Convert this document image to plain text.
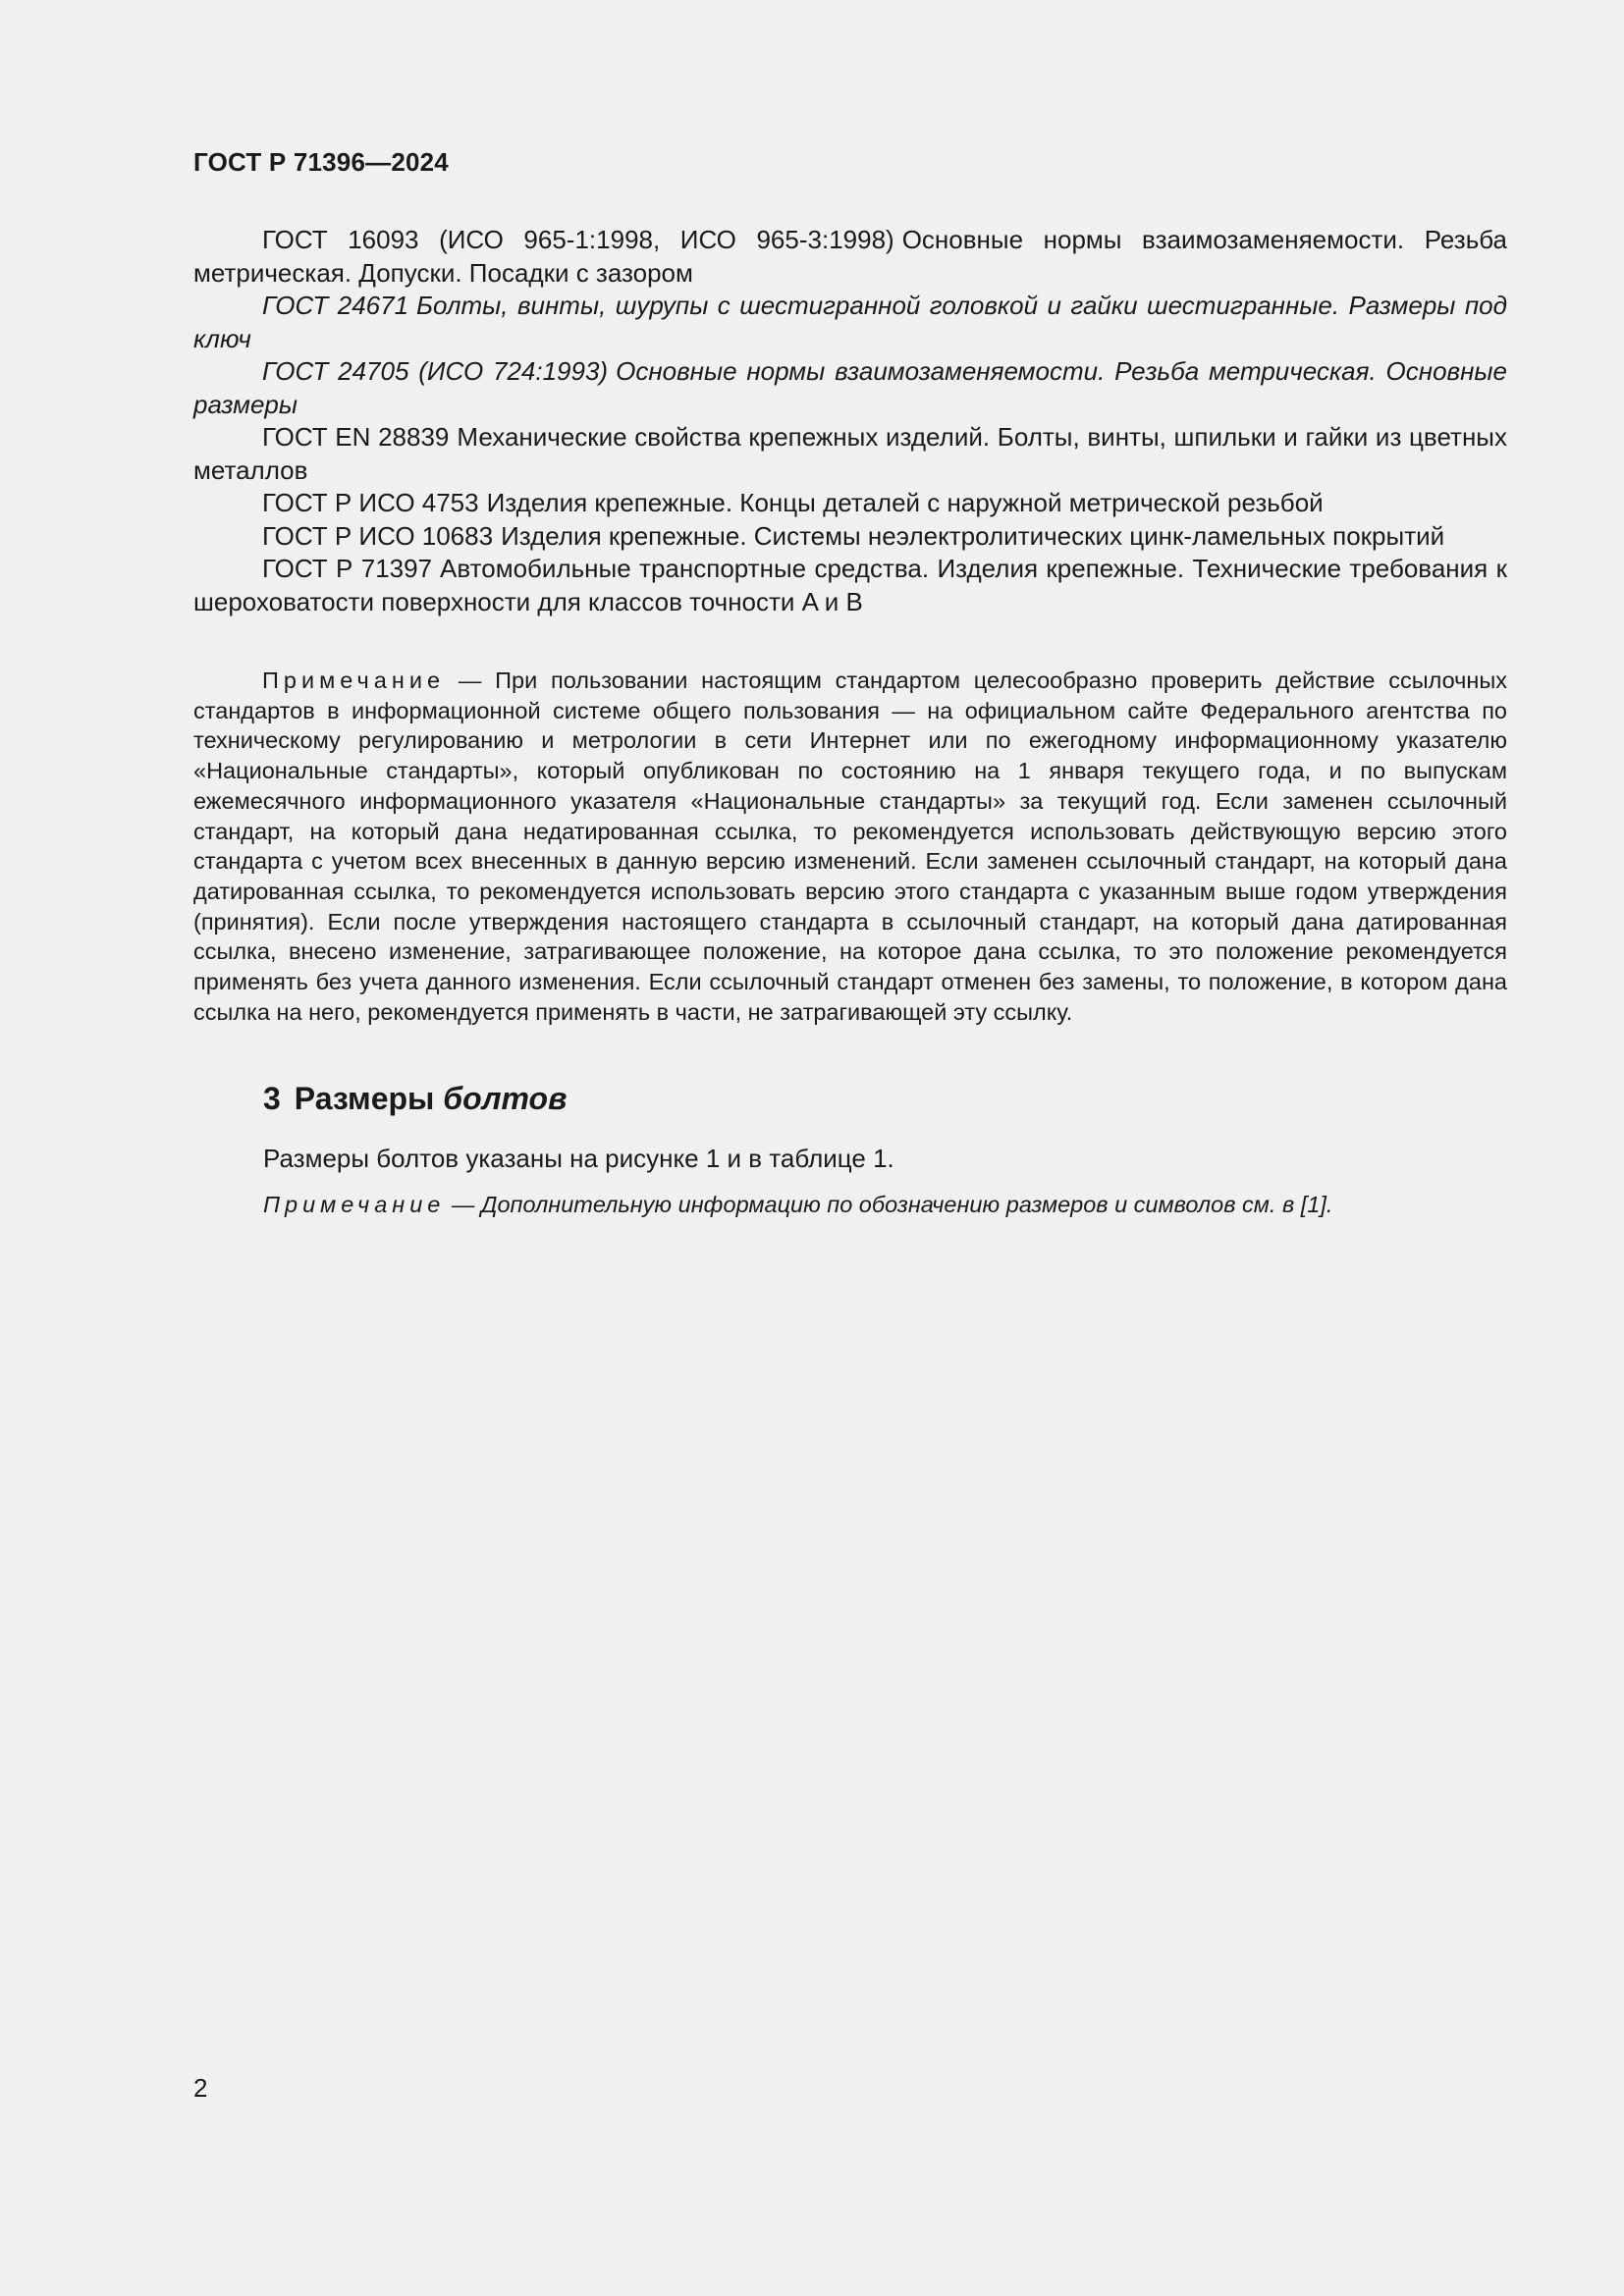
ГОСТ Р 71396—2024

ГОСТ 16093 (ИСО 965-1:1998, ИСО 965-3:1998) Основные нормы взаимозаменяемости. Резьба метрическая. Допуски. Посадки с зазором

ГОСТ 24671 Болты, винты, шурупы с шестигранной головкой и гайки шестигранные. Размеры под ключ

ГОСТ 24705 (ИСО 724:1993) Основные нормы взаимозаменяемости. Резьба метрическая. Основные размеры

ГОСТ EN 28839 Механические свойства крепежных изделий. Болты, винты, шпильки и гайки из цветных металлов

ГОСТ Р ИСО 4753 Изделия крепежные. Концы деталей с наружной метрической резьбой

ГОСТ Р ИСО 10683 Изделия крепежные. Системы неэлектролитических цинк-ламельных покрытий

ГОСТ Р 71397 Автомобильные транспортные средства. Изделия крепежные. Технические требования к шероховатости поверхности для классов точности A и B

Примечание — При пользовании настоящим стандартом целесообразно проверить действие ссылочных стандартов в информационной системе общего пользования — на официальном сайте Федерального агентства по техническому регулированию и метрологии в сети Интернет или по ежегодному информационному указателю «Национальные стандарты», который опубликован по состоянию на 1 января текущего года, и по выпускам ежемесячного информационного указателя «Национальные стандарты» за текущий год. Если заменен ссылочный стандарт, на который дана недатированная ссылка, то рекомендуется использовать действующую версию этого стандарта с учетом всех внесенных в данную версию изменений. Если заменен ссылочный стандарт, на который дана датированная ссылка, то рекомендуется использовать версию этого стандарта с указанным выше годом утверждения (принятия). Если после утверждения настоящего стандарта в ссылочный стандарт, на который дана датированная ссылка, внесено изменение, затрагивающее положение, на которое дана ссылка, то это положение рекомендуется применять без учета данного изменения. Если ссылочный стандарт отменен без замены, то положение, в котором дана ссылка на него, рекомендуется применять в части, не затрагивающей эту ссылку.

3 Размеры болтов

Размеры болтов указаны на рисунке 1 и в таблице 1.

Примечание — Дополнительную информацию по обозначению размеров и символов см. в [1].

2
